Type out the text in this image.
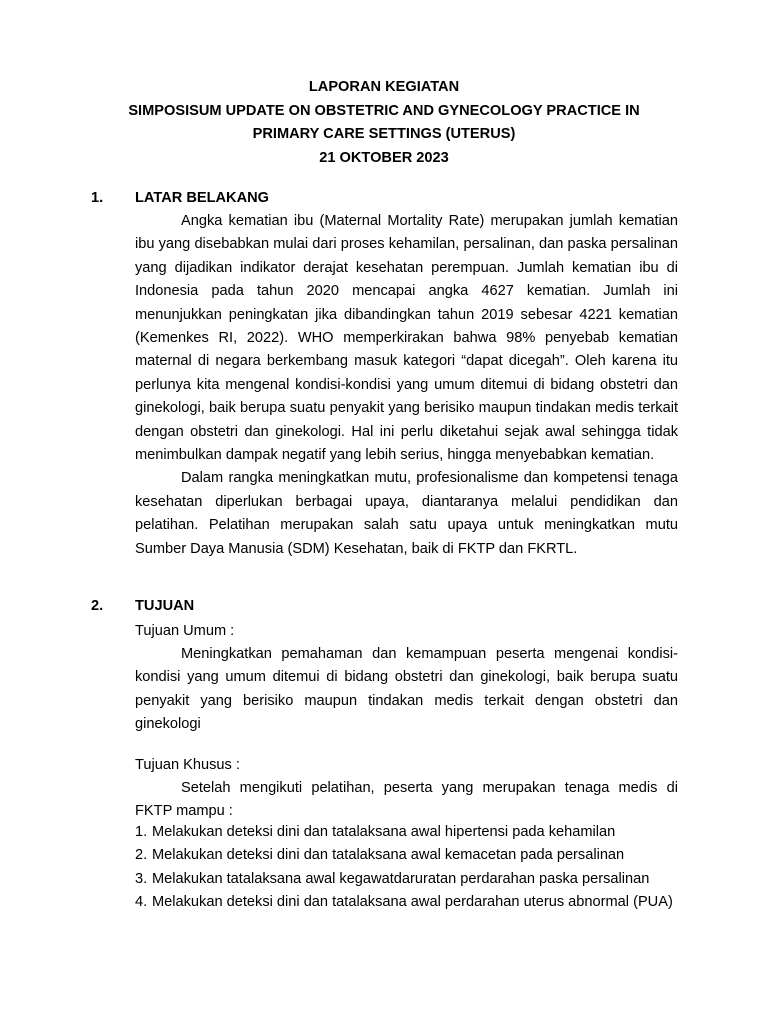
LAPORAN KEGIATAN
SIMPOSISUM UPDATE ON OBSTETRIC AND GYNECOLOGY PRACTICE IN
PRIMARY CARE SETTINGS (UTERUS)
21 OKTOBER 2023
1. LATAR BELAKANG

Angka kematian ibu (Maternal Mortality Rate) merupakan jumlah kematian ibu yang disebabkan mulai dari proses kehamilan, persalinan, dan paska persalinan yang dijadikan indikator derajat kesehatan perempuan. Jumlah kematian ibu di Indonesia pada tahun 2020 mencapai angka 4627 kematian. Jumlah ini menunjukkan peningkatan jika dibandingkan tahun 2019 sebesar 4221 kematian (Kemenkes RI, 2022). WHO memperkirakan bahwa 98% penyebab kematian maternal di negara berkembang masuk kategori “dapat dicegah”. Oleh karena itu perlunya kita mengenal kondisi-kondisi yang umum ditemui di bidang obstetri dan ginekologi, baik berupa suatu penyakit yang berisiko maupun tindakan medis terkait dengan obstetri dan ginekologi. Hal ini perlu diketahui sejak awal sehingga tidak menimbulkan dampak negatif yang lebih serius, hingga menyebabkan kematian.

Dalam rangka meningkatkan mutu, profesionalisme dan kompetensi tenaga kesehatan diperlukan berbagai upaya, diantaranya melalui pendidikan dan pelatihan. Pelatihan merupakan salah satu upaya untuk meningkatkan mutu Sumber Daya Manusia (SDM) Kesehatan, baik di FKTP dan FKRTL.

2. TUJUAN
Tujuan Umum :

Meningkatkan pemahaman dan kemampuan peserta mengenai kondisi-kondisi yang umum ditemui di bidang obstetri dan ginekologi, baik berupa suatu penyakit yang berisiko maupun tindakan medis terkait dengan obstetri dan ginekologi

Tujuan Khusus :

Setelah mengikuti pelatihan, peserta yang merupakan tenaga medis di FKTP mampu :

1. Melakukan deteksi dini dan tatalaksana awal hipertensi pada kehamilan
2. Melakukan deteksi dini dan tatalaksana awal kemacetan pada persalinan
3. Melakukan tatalaksana awal kegawatdaruratan perdarahan paska persalinan
4. Melakukan deteksi dini dan tatalaksana awal perdarahan uterus abnormal (PUA)
